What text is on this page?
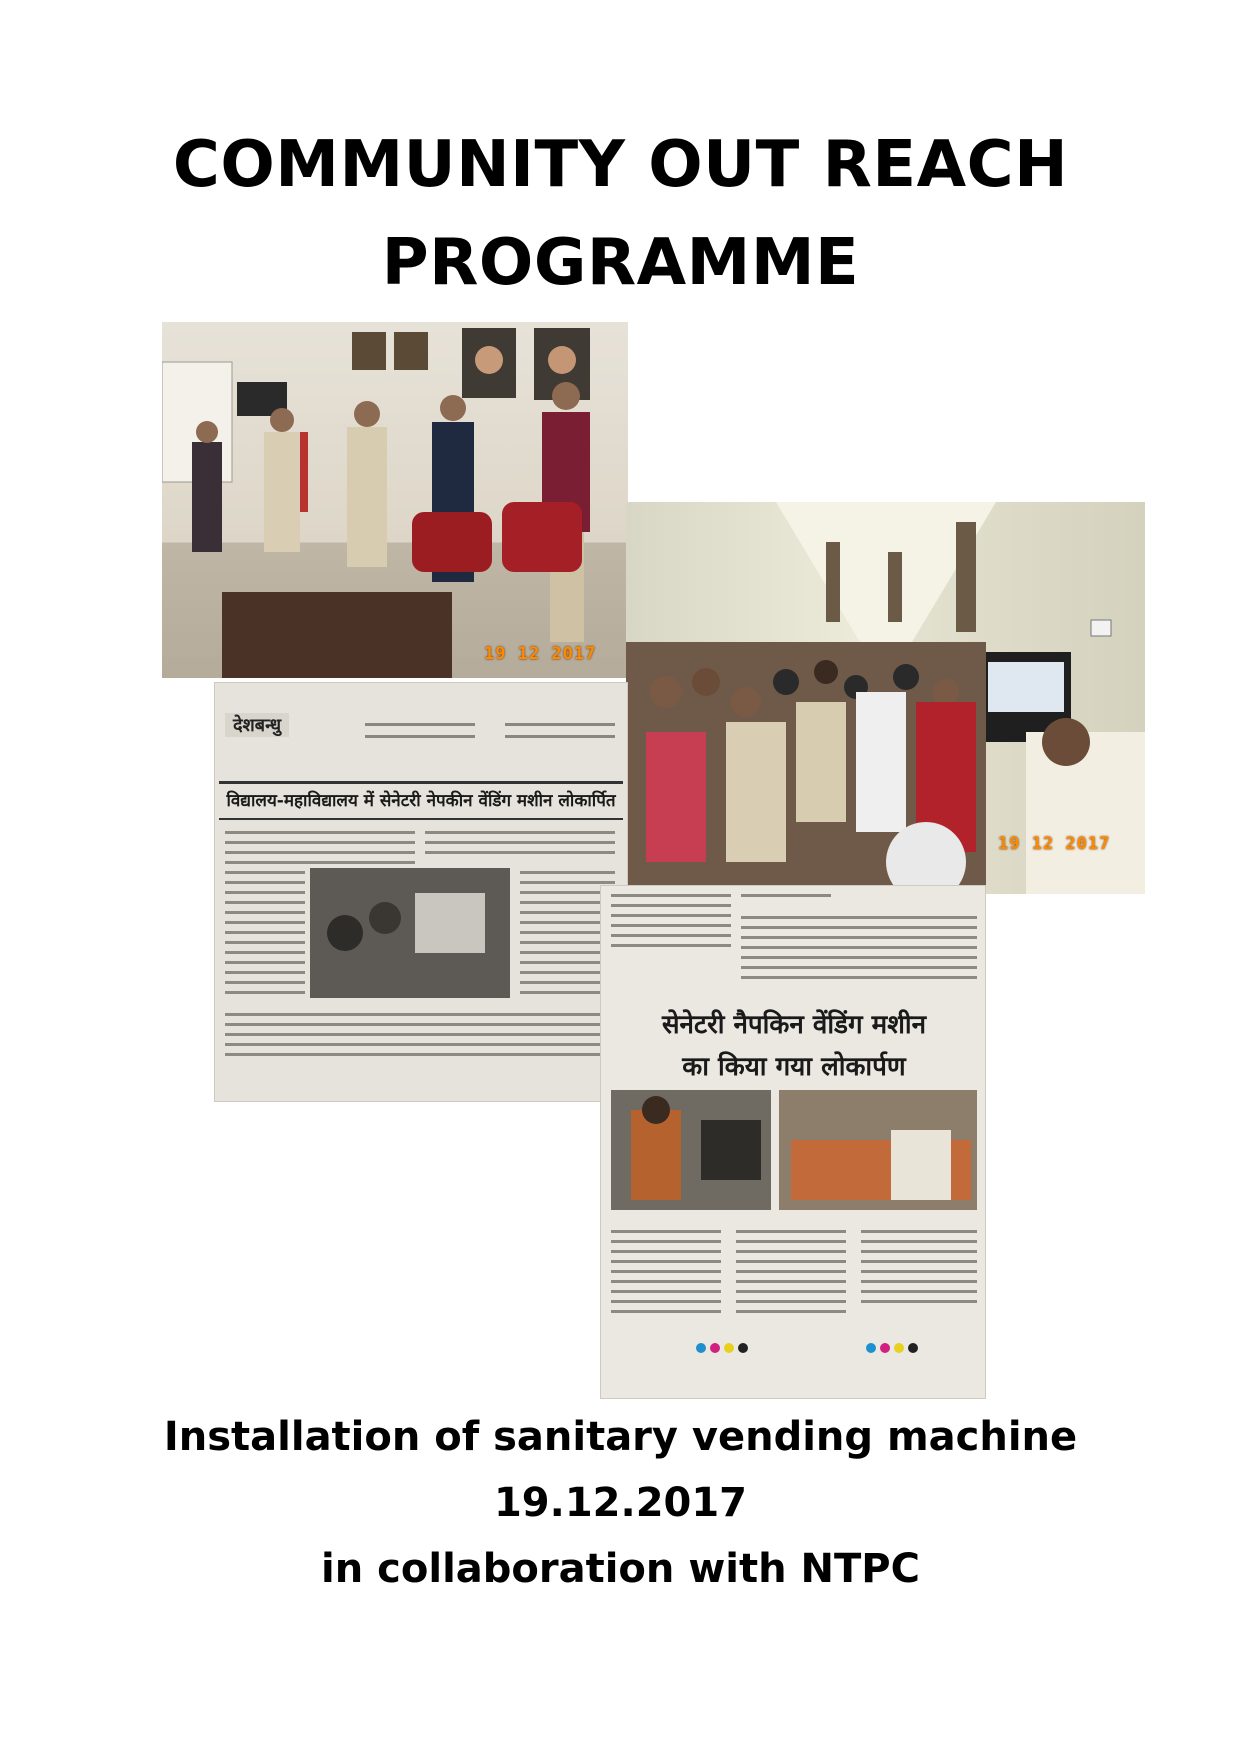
COMMUNITY OUT REACH
PROGRAMME
19 12 2017
19 12 2017
देशबन्धु
विद्यालय-महाविद्यालय में सेनेटरी नेपकीन वेंडिंग मशीन लोकार्पित
सेनेटरी नैपकिन वेंडिंग मशीन
का किया गया लोकार्पण
Installation of sanitary vending machine
19.12.2017
in collaboration with NTPC
